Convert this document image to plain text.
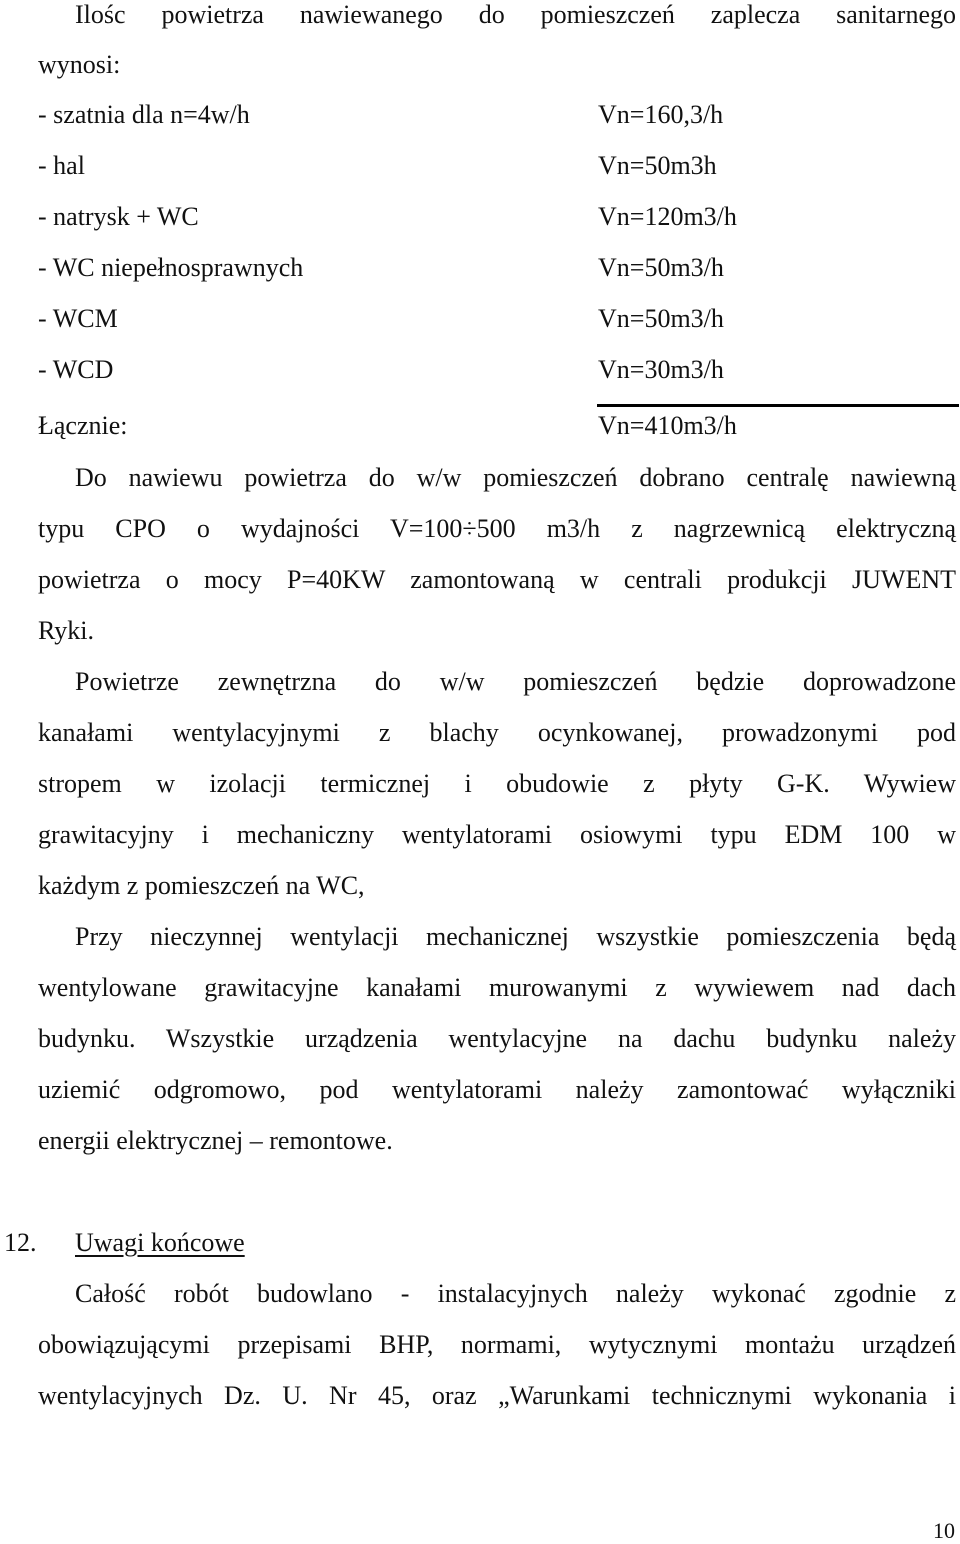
Ilośc powietrza nawiewanego do pomieszczeń zaplecza sanitarnego
wynosi:
- szatnia dla n=4w/h	Vn=160,3/h
- hal	Vn=50m3h
- natrysk + WC	Vn=120m3/h
- WC niepełnosprawnych	Vn=50m3/h
- WCM	Vn=50m3/h
- WCD	Vn=30m3/h
Łącznie:	Vn=410m3/h
Do nawiewu powietrza do w/w pomieszczeń dobrano centralę nawiewną
typu CPO o wydajności V=100÷500 m3/h z nagrzewnicą elektryczną
powietrza o mocy P=40KW zamontowaną w centrali produkcji JUWENT
Ryki.
Powietrze zewnętrzna do w/w pomieszczeń będzie doprowadzone
kanałami wentylacyjnymi z blachy ocynkowanej, prowadzonymi pod
stropem w izolacji termicznej i obudowie z płyty G-K. Wywiew
grawitacyjny i mechaniczny wentylatorami osiowymi typu EDM 100 w
każdym z pomieszczeń na WC,
Przy nieczynnej wentylacji mechanicznej wszystkie pomieszczenia będą
wentylowane grawitacyjne kanałami murowanymi z wywiewem nad dach
budynku. Wszystkie urządzenia wentylacyjne na dachu budynku należy
uziemić odgromowo, pod wentylatorami należy zamontować wyłączniki
energii elektrycznej – remontowe.
12. Uwagi końcowe
Całość robót budowlano - instalacyjnych należy wykonać zgodnie z
obowiązującymi przepisami BHP, normami, wytycznymi montażu urządzeń
wentylacyjnych Dz. U. Nr 45, oraz „Warunkami technicznymi wykonania i
10
